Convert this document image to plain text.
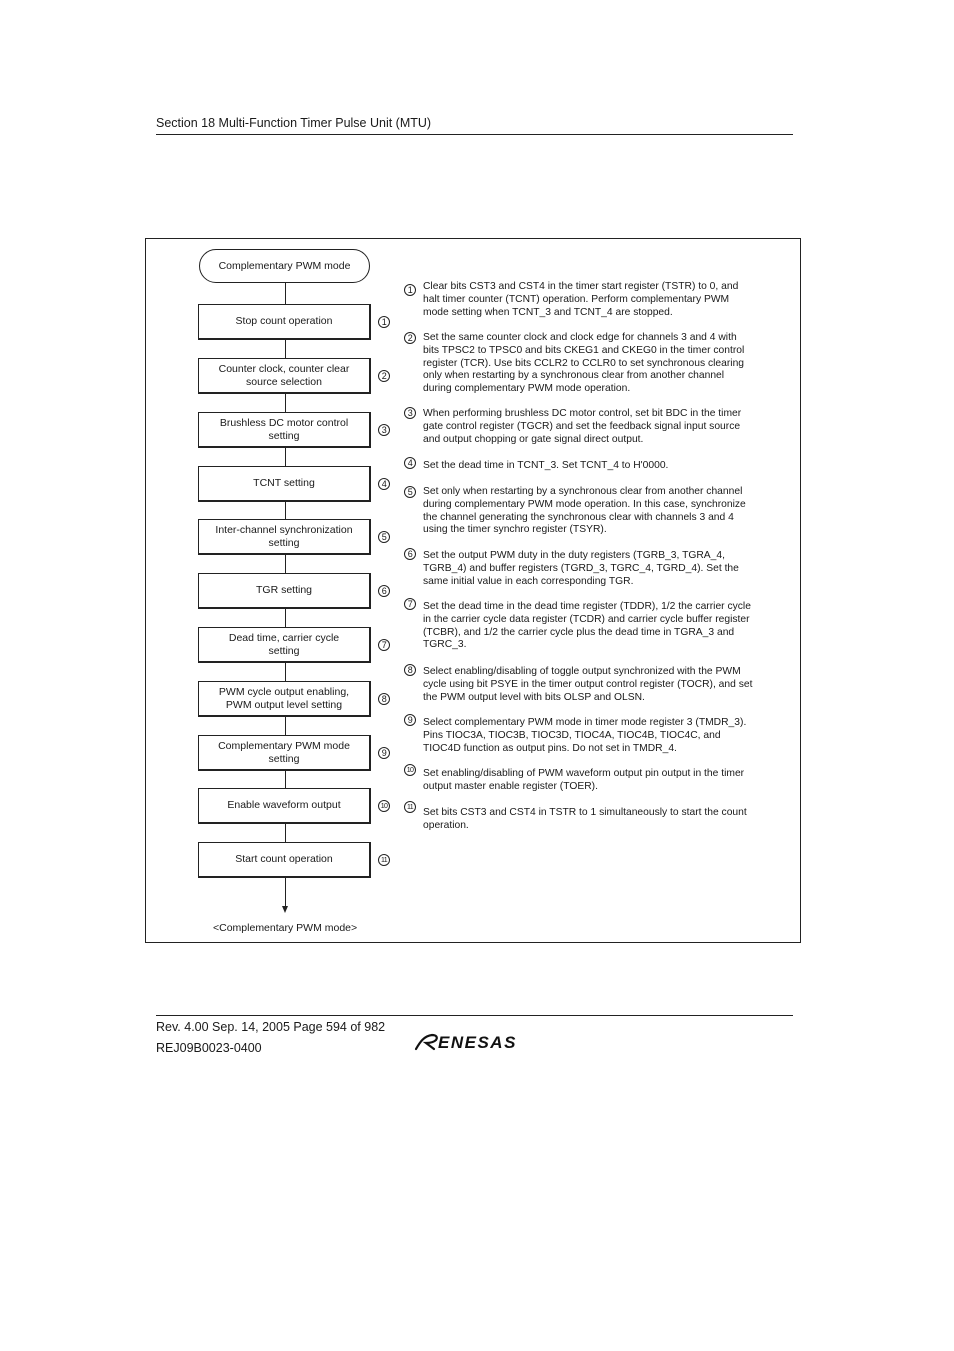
Section 18 Multi-Function Timer Pulse Unit (MTU)
Complementary PWM mode
Stop count operation	1
Counter clock, counter clear
source selection	2
Brushless DC motor control
setting	3
TCNT setting	4
Inter-channel synchronization
setting	5
TGR setting	6
Dead time, carrier cycle
setting	7
PWM cycle output enabling,
PWM output level setting	8
Complementary PWM mode
setting	9
Enable waveform output	10
Start count operation	11
<Complementary PWM mode>
1	Clear bits CST3 and CST4 in the timer start register (TSTR) to 0, and halt timer counter (TCNT) operation. Perform complementary PWM mode setting when TCNT_3 and TCNT_4 are stopped.
2	Set the same counter clock and clock edge for channels 3 and 4 with bits TPSC2 to TPSC0 and bits CKEG1 and CKEG0 in the timer control register (TCR). Use bits CCLR2 to CCLR0 to set synchronous clearing only when restarting by a synchronous clear from another channel during complementary PWM mode operation.
3	When performing brushless DC motor control, set bit BDC in the timer gate control register (TGCR) and set the feedback signal input source and output chopping or gate signal direct output.
4	Set the dead time in TCNT_3. Set TCNT_4 to H'0000.
5	Set only when restarting by a synchronous clear from another channel during complementary PWM mode operation. In this case, synchronize the channel generating the synchronous clear with channels 3 and 4 using the timer synchro register (TSYR).
6	Set the output PWM duty in the duty registers (TGRB_3, TGRA_4, TGRB_4) and buffer registers (TGRD_3, TGRC_4, TGRD_4). Set the same initial value in each corresponding TGR.
7	Set the dead time in the dead time register (TDDR), 1/2 the carrier cycle in the carrier cycle data register (TCDR) and carrier cycle buffer register (TCBR), and 1/2 the carrier cycle plus the dead time in TGRA_3 and TGRC_3.
8	Select enabling/disabling of toggle output synchronized with the PWM cycle using bit PSYE in the timer output control register (TOCR), and set the PWM output level with bits OLSP and OLSN.
9	Select complementary PWM mode in timer mode register 3 (TMDR_3). Pins TIOC3A, TIOC3B, TIOC3D, TIOC4A, TIOC4B, TIOC4C, and TIOC4D function as output pins. Do not set in TMDR_4.
10 Set enabling/disabling of PWM waveform output pin output in the timer output master enable register (TOER).
11 Set bits CST3 and CST4 in TSTR to 1 simultaneously to start the count operation.
Rev. 4.00 Sep. 14, 2005 Page 594 of 982
REJ09B0023-0400	ENESAS
